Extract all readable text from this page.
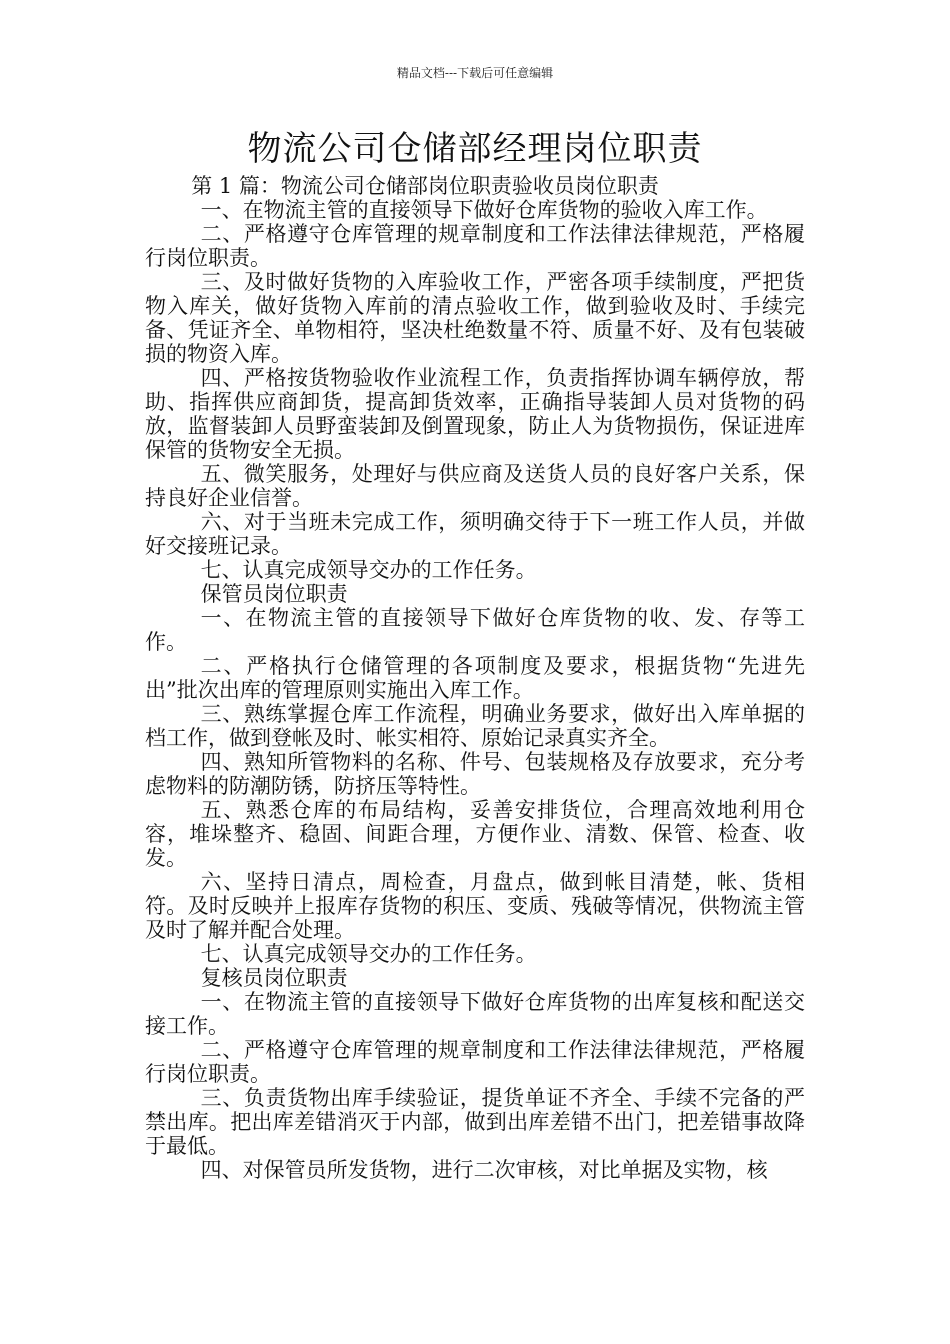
精品文档---下载后可任意编辑
物流公司仓储部经理岗位职责

第 1 篇：物流公司仓储部岗位职责验收员岗位职责

一、在物流主管的直接领导下做好仓库货物的验收入库工作。

二、严格遵守仓库管理的规章制度和工作法律法律规范，严格履行岗位职责。

三、及时做好货物的入库验收工作，严密各项手续制度，严把货物入库关，做好货物入库前的清点验收工作，做到验收及时、手续完备、凭证齐全、单物相符，坚决杜绝数量不符、质量不好、及有包装破损的物资入库。

四、严格按货物验收作业流程工作，负责指挥协调车辆停放，帮助、指挥供应商卸货，提高卸货效率，正确指导装卸人员对货物的码放，监督装卸人员野蛮装卸及倒置现象，防止人为货物损伤，保证进库保管的货物安全无损。

五、微笑服务，处理好与供应商及送货人员的良好客户关系，保持良好企业信誉。

六、对于当班未完成工作，须明确交待于下一班工作人员，并做好交接班记录。

七、认真完成领导交办的工作任务。

保管员岗位职责

一、在物流主管的直接领导下做好仓库货物的收、发、存等工作。

二、严格执行仓储管理的各项制度及要求，根据货物“先进先出”批次出库的管理原则实施出入库工作。

三、熟练掌握仓库工作流程，明确业务要求，做好出入库单据的档工作，做到登帐及时、帐实相符、原始记录真实齐全。

四、熟知所管物料的名称、件号、包装规格及存放要求，充分考虑物料的防潮防锈，防挤压等特性。

五、熟悉仓库的布局结构，妥善安排货位，合理高效地利用仓容，堆垛整齐、稳固、间距合理，方便作业、清数、保管、检查、收发。

六、坚持日清点，周检查，月盘点，做到帐目清楚，帐、货相符。及时反映并上报库存货物的积压、变质、残破等情况，供物流主管及时了解并配合处理。

七、认真完成领导交办的工作任务。

复核员岗位职责

一、在物流主管的直接领导下做好仓库货物的出库复核和配送交接工作。

二、严格遵守仓库管理的规章制度和工作法律法律规范，严格履行岗位职责。

三、负责货物出库手续验证，提货单证不齐全、手续不完备的严禁出库。把出库差错消灭于内部，做到出库差错不出门，把差错事故降于最低。

四、对保管员所发货物，进行二次审核，对比单据及实物，核
